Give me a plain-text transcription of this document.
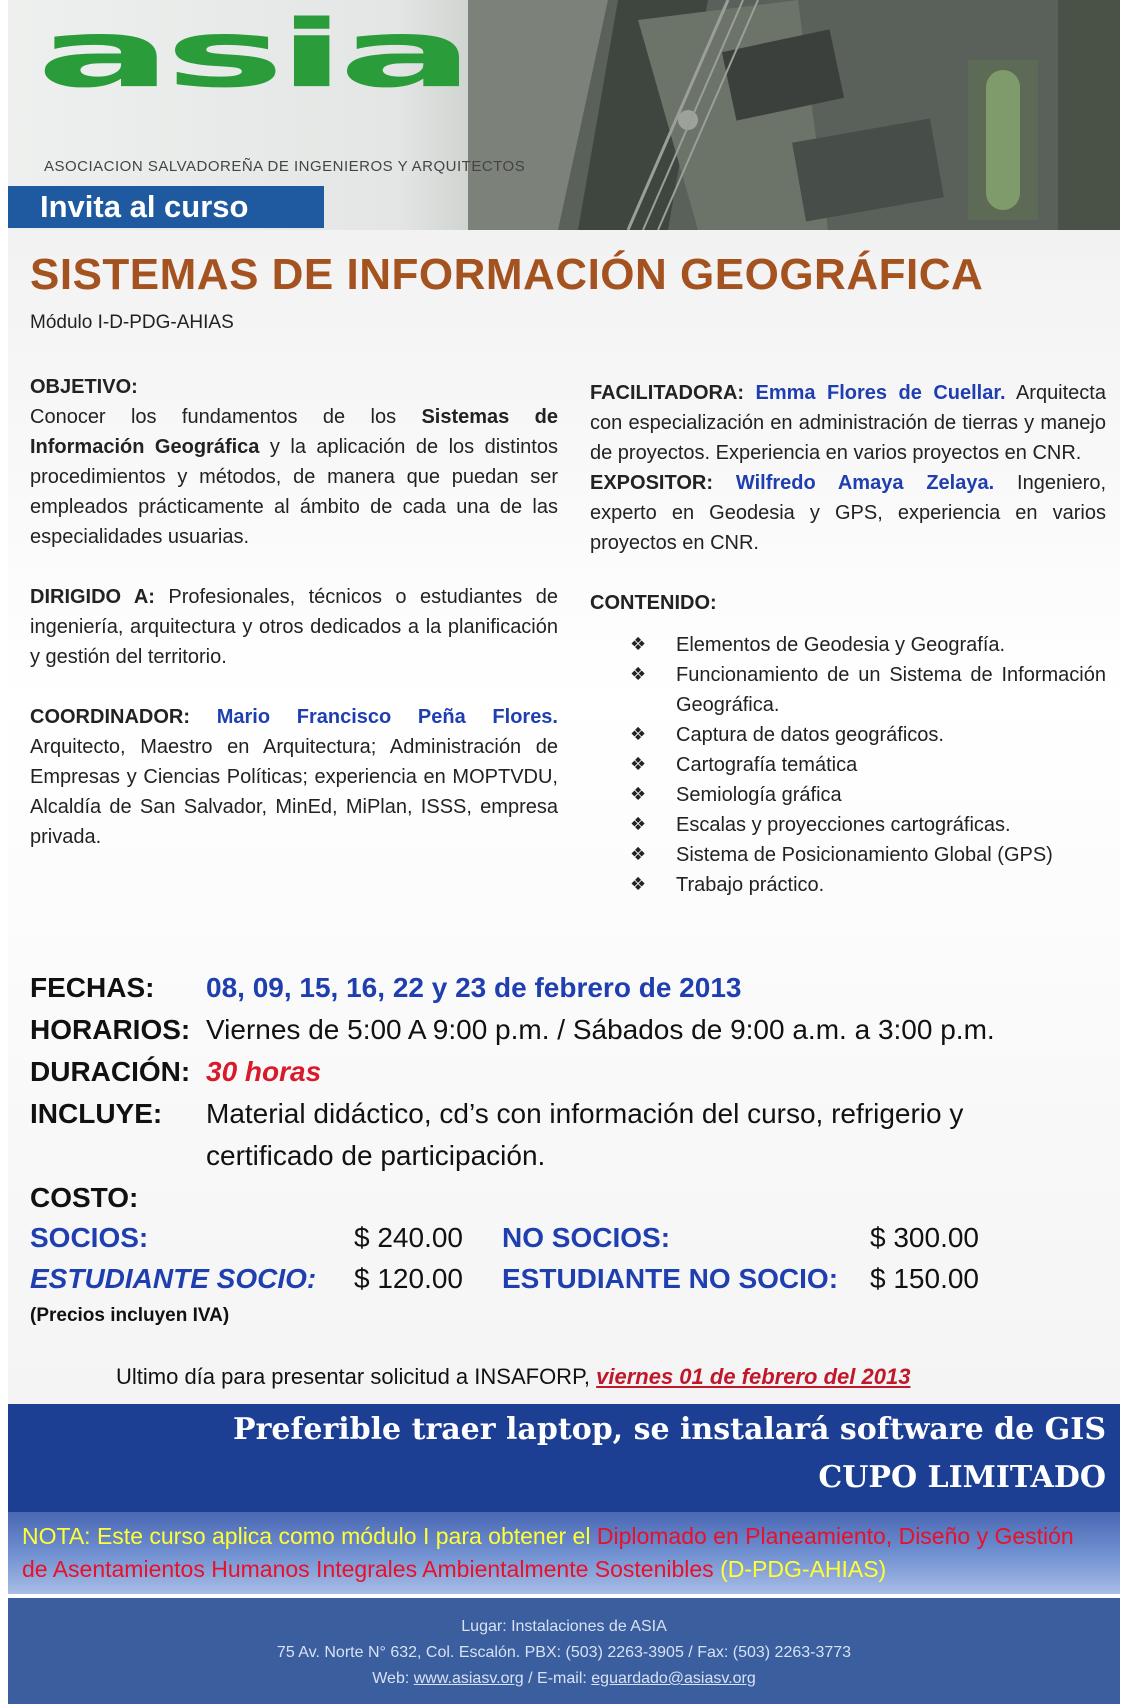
asia
ASOCIACION SALVADOREÑA DE INGENIEROS Y ARQUITECTOS
Invita al curso
SISTEMAS DE INFORMACIÓN GEOGRÁFICA
Módulo I-D-PDG-AHIAS
OBJETIVO:
Conocer los fundamentos de los Sistemas de Información Geográfica y la aplicación de los distintos procedimientos y métodos, de manera que puedan ser empleados prácticamente al ámbito de cada una de las especialidades usuarias.
DIRIGIDO A: Profesionales, técnicos o estudiantes de ingeniería, arquitectura y otros dedicados a la planificación y gestión del territorio.
COORDINADOR: Mario Francisco Peña Flores. Arquitecto, Maestro en Arquitectura; Administración de Empresas y Ciencias Políticas; experiencia en MOPTVDU, Alcaldía de San Salvador, MinEd, MiPlan, ISSS, empresa privada.
FACILITADORA: Emma Flores de Cuellar. Arquitecta con especialización en administración de tierras y manejo de proyectos. Experiencia en varios proyectos en CNR.
EXPOSITOR: Wilfredo Amaya Zelaya. Ingeniero, experto en Geodesia y GPS, experiencia en varios proyectos en CNR.
CONTENIDO:
❖ Elementos de Geodesia y Geografía.
❖ Funcionamiento de un Sistema de Información Geográfica.
❖ Captura de datos geográficos.
❖ Cartografía temática
❖ Semiología gráfica
❖ Escalas y proyecciones cartográficas.
❖ Sistema de Posicionamiento Global (GPS)
❖ Trabajo práctico.
FECHAS: 08, 09, 15, 16, 22 y 23 de febrero de 2013
HORARIOS: Viernes de 5:00 A 9:00 p.m. / Sábados de 9:00 a.m. a 3:00 p.m.
DURACIÓN: 30 horas
INCLUYE: Material didáctico, cd’s con información del curso, refrigerio y
certificado de participación.
COSTO:
SOCIOS:	$ 240.00 NO SOCIOS:	$ 300.00
ESTUDIANTE SOCIO: $ 120.00 ESTUDIANTE NO SOCIO: $ 150.00
(Precios incluyen IVA)
Ultimo día para presentar solicitud a INSAFORP, viernes 01 de febrero del 2013
Preferible traer laptop, se instalará software de GIS
CUPO LIMITADO
NOTA: Este curso aplica como módulo I para obtener el Diplomado en Planeamiento, Diseño y Gestión de Asentamientos Humanos Integrales Ambientalmente Sostenibles (D-PDG-AHIAS)
Lugar: Instalaciones de ASIA
75 Av. Norte N° 632, Col. Escalón. PBX: (503) 2263-3905 / Fax: (503) 2263-3773
Web: www.asiasv.org / E-mail: eguardado@asiasv.org
